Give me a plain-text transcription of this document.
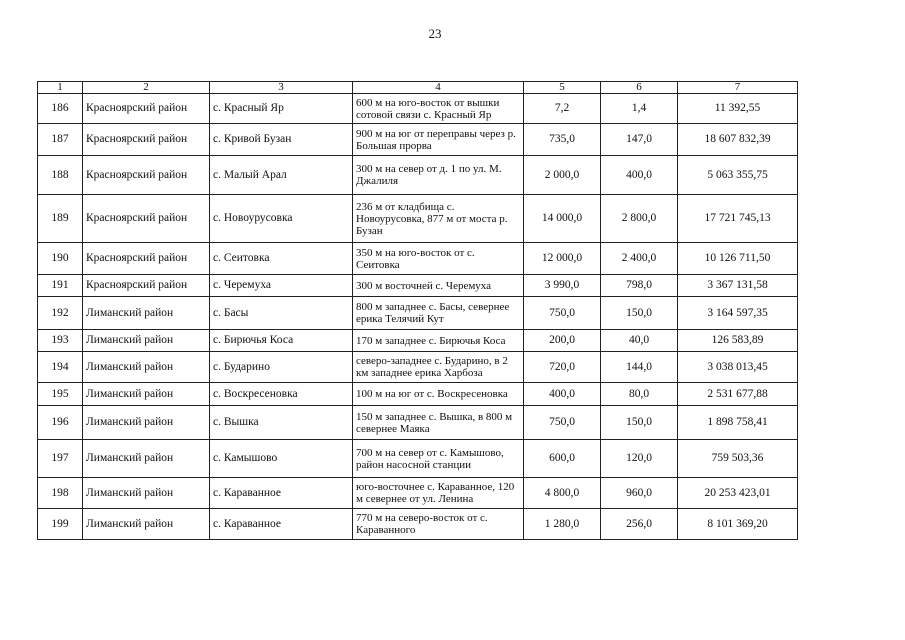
23
1	2	3	4	5	6	7
186	Красноярский район	с. Красный Яр	600 м на юго-восток от вышки сотовой связи с. Красный Яр	7,2	1,4	11 392,55
187	Красноярский район	с. Кривой Бузан	900 м на юг от переправы через р. Большая прорва	735,0	147,0	18 607 832,39
188	Красноярский район	с. Малый Арал	300 м на север от д. 1 по ул. М. Джалиля	2 000,0	400,0	5 063 355,75
189	Красноярский район	с. Новоурусовка	236 м от кладбища с. Новоурусовка, 877 м от моста р. Бузан	14 000,0	2 800,0	17 721 745,13
190	Красноярский район	с. Сеитовка	350 м на юго-восток от с. Сеитовка	12 000,0	2 400,0	10 126 711,50
191	Красноярский район	с. Черемуха	300 м восточней с. Черемуха	3 990,0	798,0	3 367 131,58
192	Лиманский район	с. Басы	800 м западнее с. Басы, севернее ерика Телячий Кут	750,0	150,0	3 164 597,35
193	Лиманский район	с. Бирючья Коса	170 м западнее с. Бирючья Коса	200,0	40,0	126 583,89
194	Лиманский район	с. Бударино	северо-западнее с. Бударино, в 2 км западнее ерика Харбоза	720,0	144,0	3 038 013,45
195	Лиманский район	с. Воскресеновка	100 м на юг от с. Воскресеновка	400,0	80,0	2 531 677,88
196	Лиманский район	с. Вышка	150 м западнее с. Вышка, в 800 м севернее Маяка	750,0	150,0	1 898 758,41
197	Лиманский район	с. Камышово	700 м на север от с. Камышово, район насосной станции	600,0	120,0	759 503,36
198	Лиманский район	с. Караванное	юго-восточнее с. Караванное, 120 м севернее от ул. Ленина	4 800,0	960,0	20 253 423,01
199	Лиманский район	с. Караванное	770 м на северо-восток от с. Караванного	1 280,0	256,0	8 101 369,20
